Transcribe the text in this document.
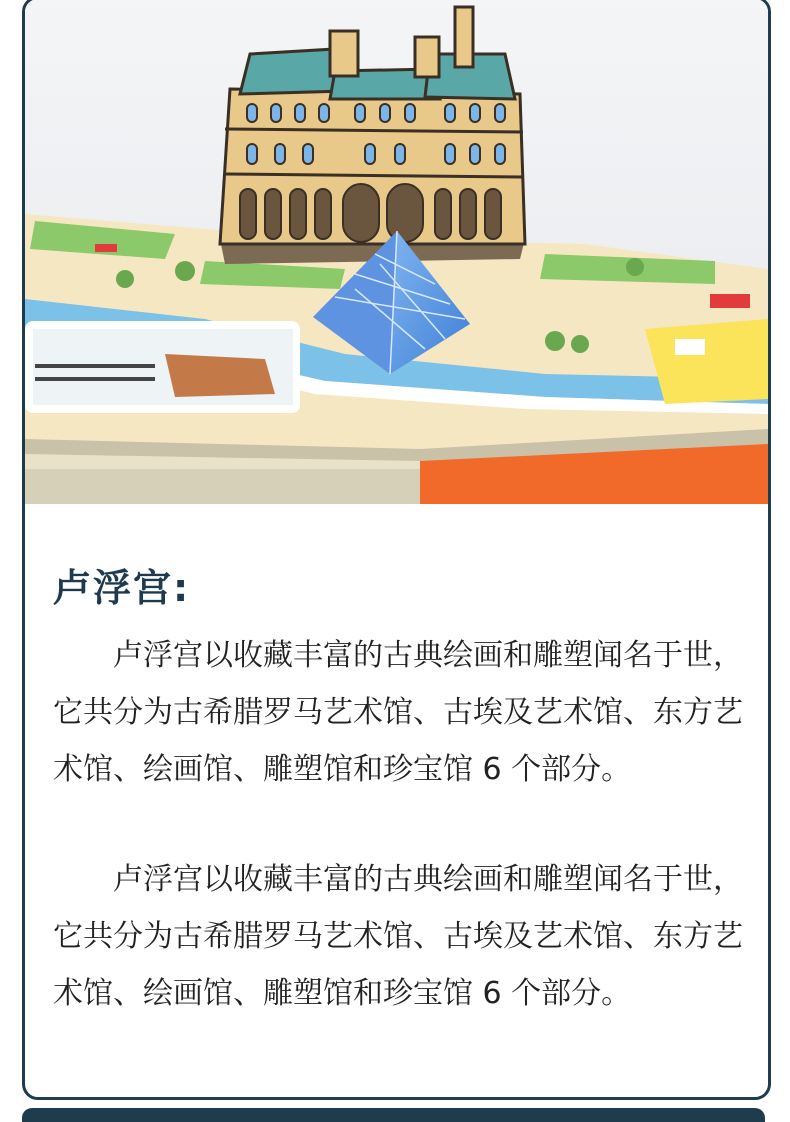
卢浮宫:
卢浮宫以收藏丰富的古典绘画和雕塑闻名于世，它共分为古希腊罗马艺术馆、古埃及艺术馆、东方艺术馆、绘画馆、雕塑馆和珍宝馆 6 个部分。
卢浮宫以收藏丰富的古典绘画和雕塑闻名于世，它共分为古希腊罗马艺术馆、古埃及艺术馆、东方艺术馆、绘画馆、雕塑馆和珍宝馆 6 个部分。
